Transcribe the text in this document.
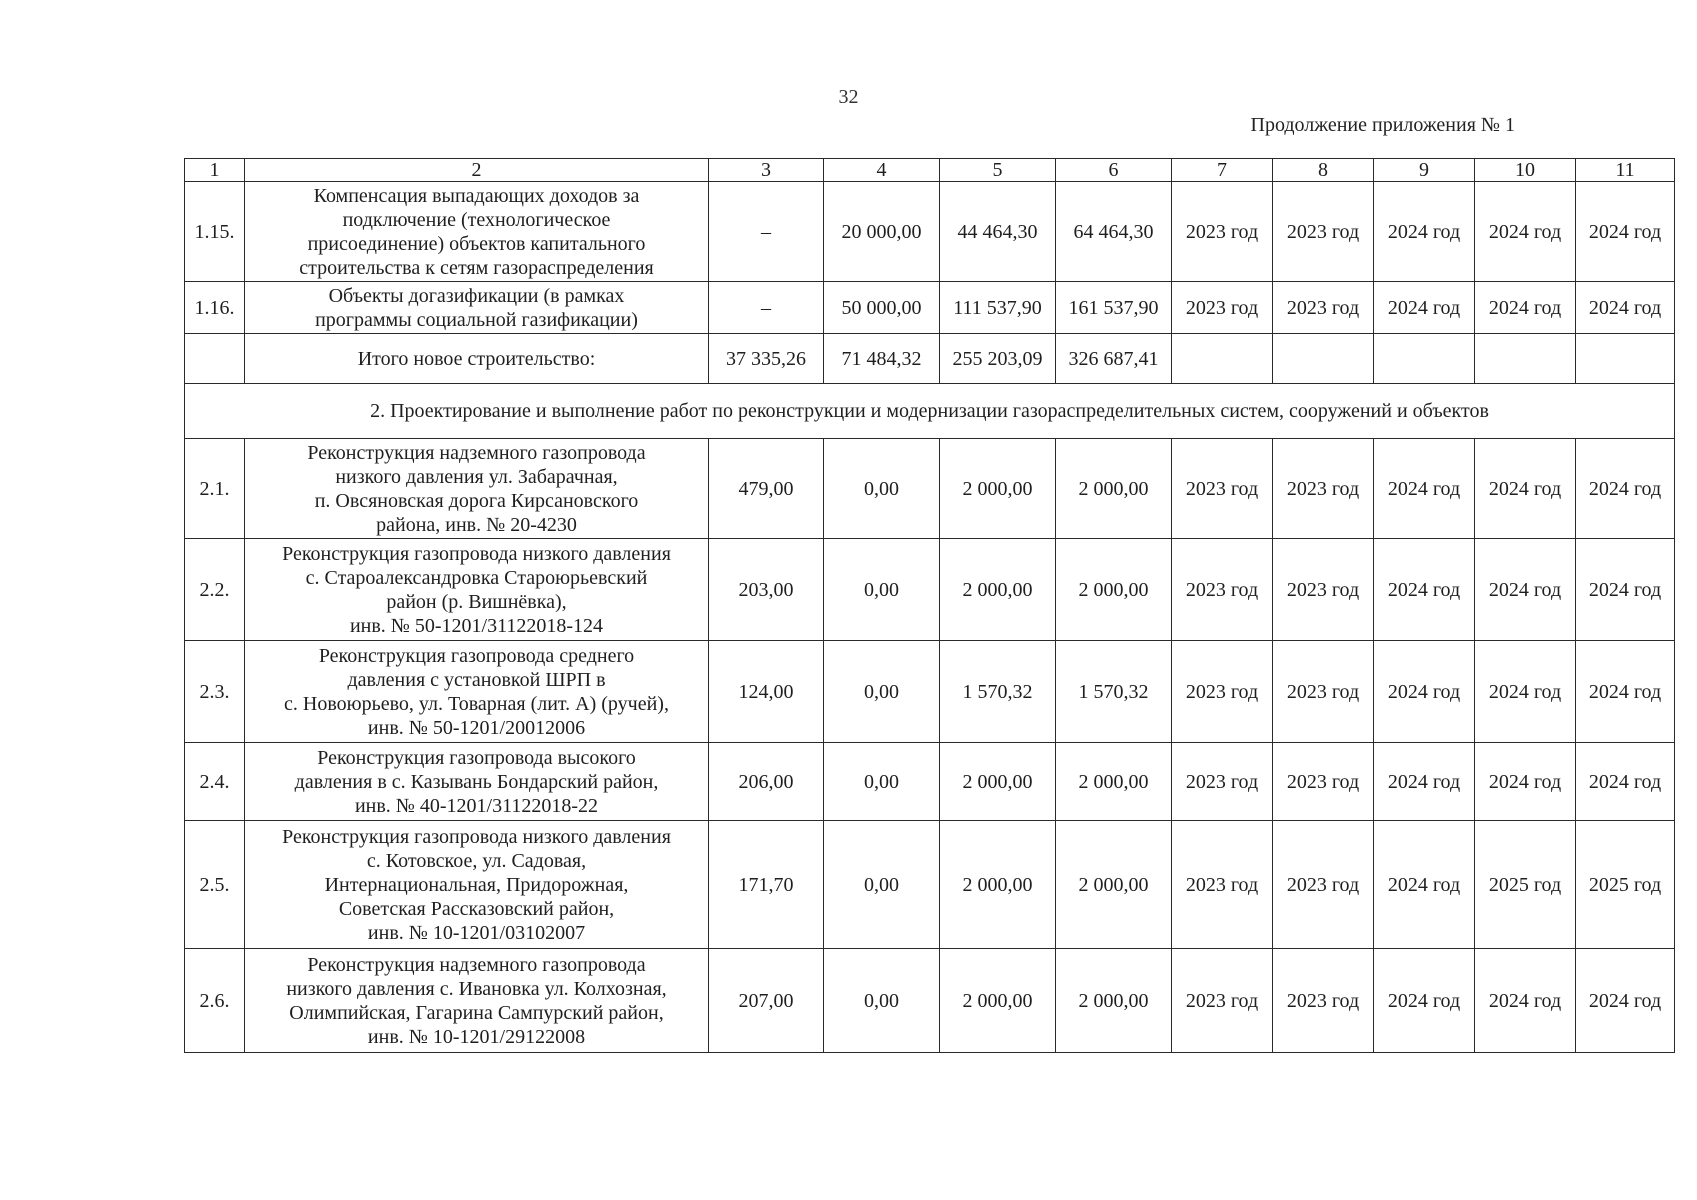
32
Продолжение приложения № 1
1	2	3	4	5	6	7	8	9	10	11
1.15.	Компенсация выпадающих доходов за
подключение (технологическое
присоединение) объектов капитального
строительства к сетям газораспределения	–	20 000,00	44 464,30	64 464,30	2023 год	2023 год	2024 год	2024 год	2024 год
1.16.	Объекты догазификации (в рамках
программы социальной газификации)	–	50 000,00	111 537,90	161 537,90	2023 год	2023 год	2024 год	2024 год	2024 год
	Итого новое строительство:	37 335,26	71 484,32	255 203,09	326 687,41					
2. Проектирование и выполнение работ по реконструкции и модернизации газораспределительных систем, сооружений и объектов										
2.1.	Реконструкция надземного газопровода
низкого давления ул. Забарачная,
п. Овсяновская дорога Кирсановского
района, инв. № 20-4230	479,00	0,00	2 000,00	2 000,00	2023 год	2023 год	2024 год	2024 год	2024 год
2.2.	Реконструкция газопровода низкого давления
с. Староалександровка Староюрьевский
район (р. Вишнёвка),
инв. № 50-1201/31122018-124	203,00	0,00	2 000,00	2 000,00	2023 год	2023 год	2024 год	2024 год	2024 год
2.3.	Реконструкция газопровода среднего
давления с установкой ШРП в
с. Новоюрьево, ул. Товарная (лит. А) (ручей),
инв. № 50-1201/20012006	124,00	0,00	1 570,32	1 570,32	2023 год	2023 год	2024 год	2024 год	2024 год
2.4.	Реконструкция газопровода высокого
давления в с. Казывань Бондарский район,
инв. № 40-1201/31122018-22	206,00	0,00	2 000,00	2 000,00	2023 год	2023 год	2024 год	2024 год	2024 год
2.5.	Реконструкция газопровода низкого давления
с. Котовское, ул. Садовая,
Интернациональная, Придорожная,
Советская Рассказовский район,
инв. № 10-1201/03102007	171,70	0,00	2 000,00	2 000,00	2023 год	2023 год	2024 год	2025 год	2025 год
2.6.	Реконструкция надземного газопровода
низкого давления с. Ивановка ул. Колхозная,
Олимпийская, Гагарина Сампурский район,
инв. № 10-1201/29122008	207,00	0,00	2 000,00	2 000,00	2023 год	2023 год	2024 год	2024 год	2024 год
